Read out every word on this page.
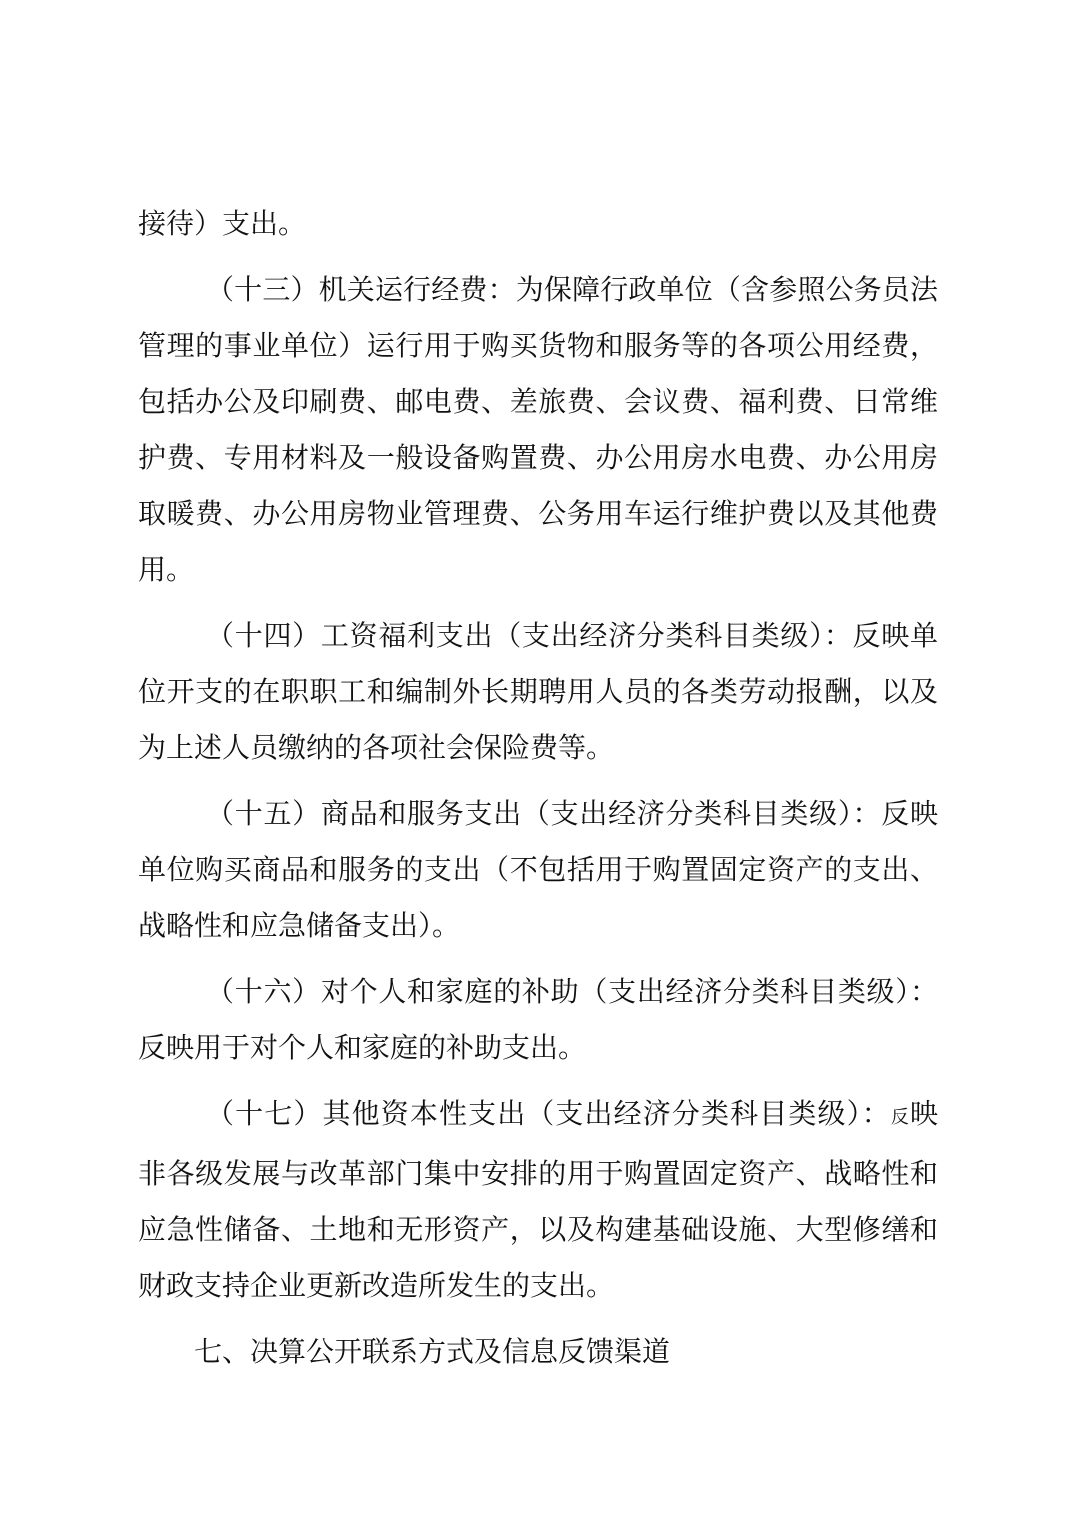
接待）支出。

（十三）机关运行经费：为保障行政单位（含参照公务员法管理的事业单位）运行用于购买货物和服务等的各项公用经费，包括办公及印刷费、邮电费、差旅费、会议费、福利费、日常维护费、专用材料及一般设备购置费、办公用房水电费、办公用房取暖费、办公用房物业管理费、公务用车运行维护费以及其他费用。

（十四）工资福利支出（支出经济分类科目类级）：反映单位开支的在职职工和编制外长期聘用人员的各类劳动报酬，以及为上述人员缴纳的各项社会保险费等。

（十五）商品和服务支出（支出经济分类科目类级）：反映单位购买商品和服务的支出（不包括用于购置固定资产的支出、战略性和应急储备支出）。

（十六）对个人和家庭的补助（支出经济分类科目类级）：反映用于对个人和家庭的补助支出。

（十七）其他资本性支出（支出经济分类科目类级）：反映非各级发展与改革部门集中安排的用于购置固定资产、战略性和应急性储备、土地和无形资产，以及构建基础设施、大型修缮和财政支持企业更新改造所发生的支出。

七、决算公开联系方式及信息反馈渠道
